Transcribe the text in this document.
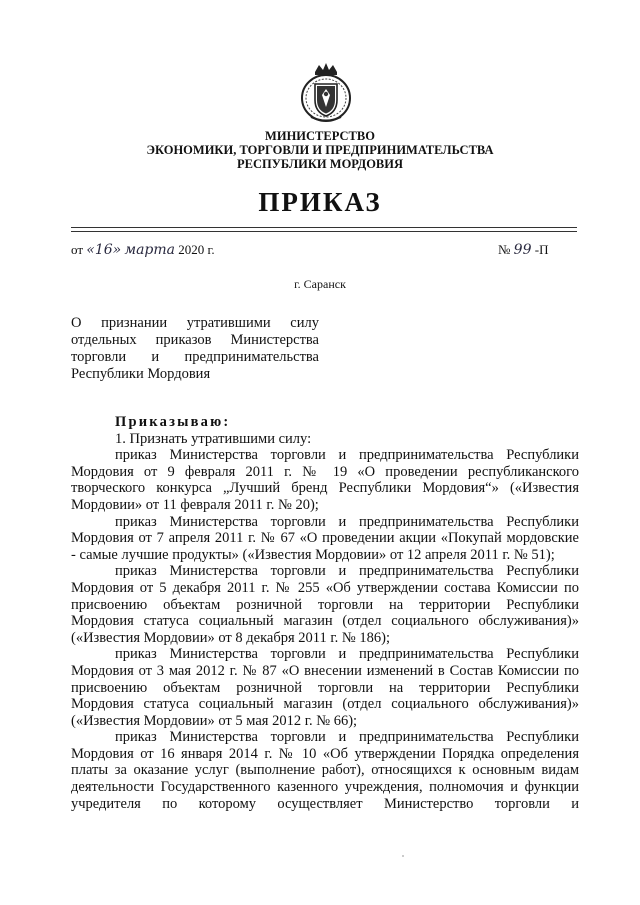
МИНИСТЕРСТВО
ЭКОНОМИКИ, ТОРГОВЛИ И ПРЕДПРИНИМАТЕЛЬСТВА
РЕСПУБЛИКИ МОРДОВИЯ
ПРИКАЗ
от «16» марта 2020 г.	№ 99 -П
г. Саранск
О признании утратившими силу
отдельных приказов Министерства
торговли и предпринимательства
Республики Мордовия
Приказываю:
1. Признать утратившими силу:
приказ Министерства торговли и предпринимательства Республики
Мордовия от 9 февраля 2011 г. № 19 «О проведении республиканского
творческого конкурса „Лучший бренд Республики Мордовия“» («Известия
Мордовии» от 11 февраля 2011 г. № 20);
приказ Министерства торговли и предпринимательства Республики
Мордовия от 7 апреля 2011 г. № 67 «О проведении акции «Покупай мордовские
- самые лучшие продукты» («Известия Мордовии» от 12 апреля 2011 г. № 51);
приказ Министерства торговли и предпринимательства Республики
Мордовия от 5 декабря 2011 г. № 255 «Об утверждении состава Комиссии по
присвоению объектам розничной торговли на территории Республики
Мордовия статуса социальный магазин (отдел социального обслуживания)»
(«Известия Мордовии» от 8 декабря 2011 г. № 186);
приказ Министерства торговли и предпринимательства Республики
Мордовия от 3 мая 2012 г. № 87 «О внесении изменений в Состав Комиссии по
присвоению объектам розничной торговли на территории Республики
Мордовия статуса социальный магазин (отдел социального обслуживания)»
(«Известия Мордовии» от 5 мая 2012 г. № 66);
приказ Министерства торговли и предпринимательства Республики
Мордовия от 16 января 2014 г. № 10 «Об утверждении Порядка определения
платы за оказание услуг (выполнение работ), относящихся к основным видам
деятельности Государственного казенного учреждения, полномочия и функции
учредителя по которому осуществляет Министерство торговли и
